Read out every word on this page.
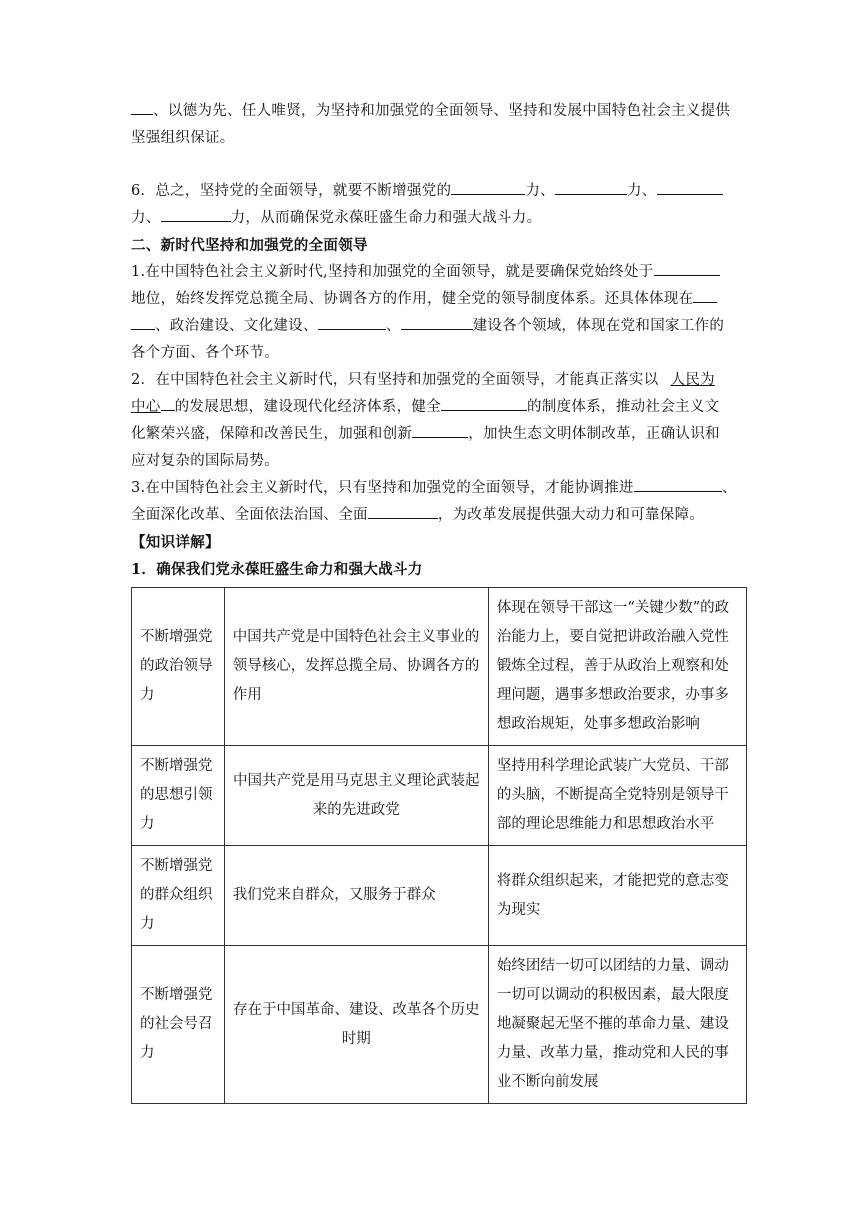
、以德为先、任人唯贤，为坚持和加强党的全面领导、坚持和发展中国特色社会主义提供
坚强组织保证。
6．总之，坚持党的全面领导，就要不断增强党的	力、	力、
力、	力，从而确保党永葆旺盛生命力和强大战斗力。
二、新时代坚持和加强党的全面领导
1.在中国特色社会主义新时代,坚持和加强党的全面领导，就是要确保党始终处于
地位，始终发挥党总揽全局、协调各方的作用，健全党的领导制度体系。还具体体现在
、政治建设、文化建设、	、	建设各个领域，体现在党和国家工作的
各个方面、各个环节。
2．在中国特色社会主义新时代，只有坚持和加强党的全面领导，才能真正落实以 人民为
中心 的发展思想，建设现代化经济体系，健全	的制度体系，推动社会主义文
化繁荣兴盛，保障和改善民生，加强和创新	，加快生态文明体制改革，正确认识和
应对复杂的国际局势。
3.在中国特色社会主义新时代，只有坚持和加强党的全面领导，才能协调推进	、
全面深化改革、全面依法治国、全面	，为改革发展提供强大动力和可靠保障。
【知识详解】
1．确保我们党永葆旺盛生命力和强大战斗力
不断增强党的政治领导力	中国共产党是中国特色社会主义事业的领导核心，发挥总揽全局、协调各方的作用	体现在领导干部这一“关键少数”的政治能力上，要自觉把讲政治融入党性锻炼全过程，善于从政治上观察和处理问题，遇事多想政治要求，办事多想政治规矩，处事多想政治影响
不断增强党的思想引领力	中国共产党是用马克思主义理论武装起来的先进政党	坚持用科学理论武装广大党员、干部的头脑，不断提高全党特别是领导干部的理论思维能力和思想政治水平
不断增强党的群众组织力	我们党来自群众，又服务于群众	将群众组织起来，才能把党的意志变为现实
不断增强党的社会号召力	存在于中国革命、建设、改革各个历史时期	始终团结一切可以团结的力量、调动一切可以调动的积极因素，最大限度地凝聚起无坚不摧的革命力量、建设力量、改革力量，推动党和人民的事业不断向前发展
